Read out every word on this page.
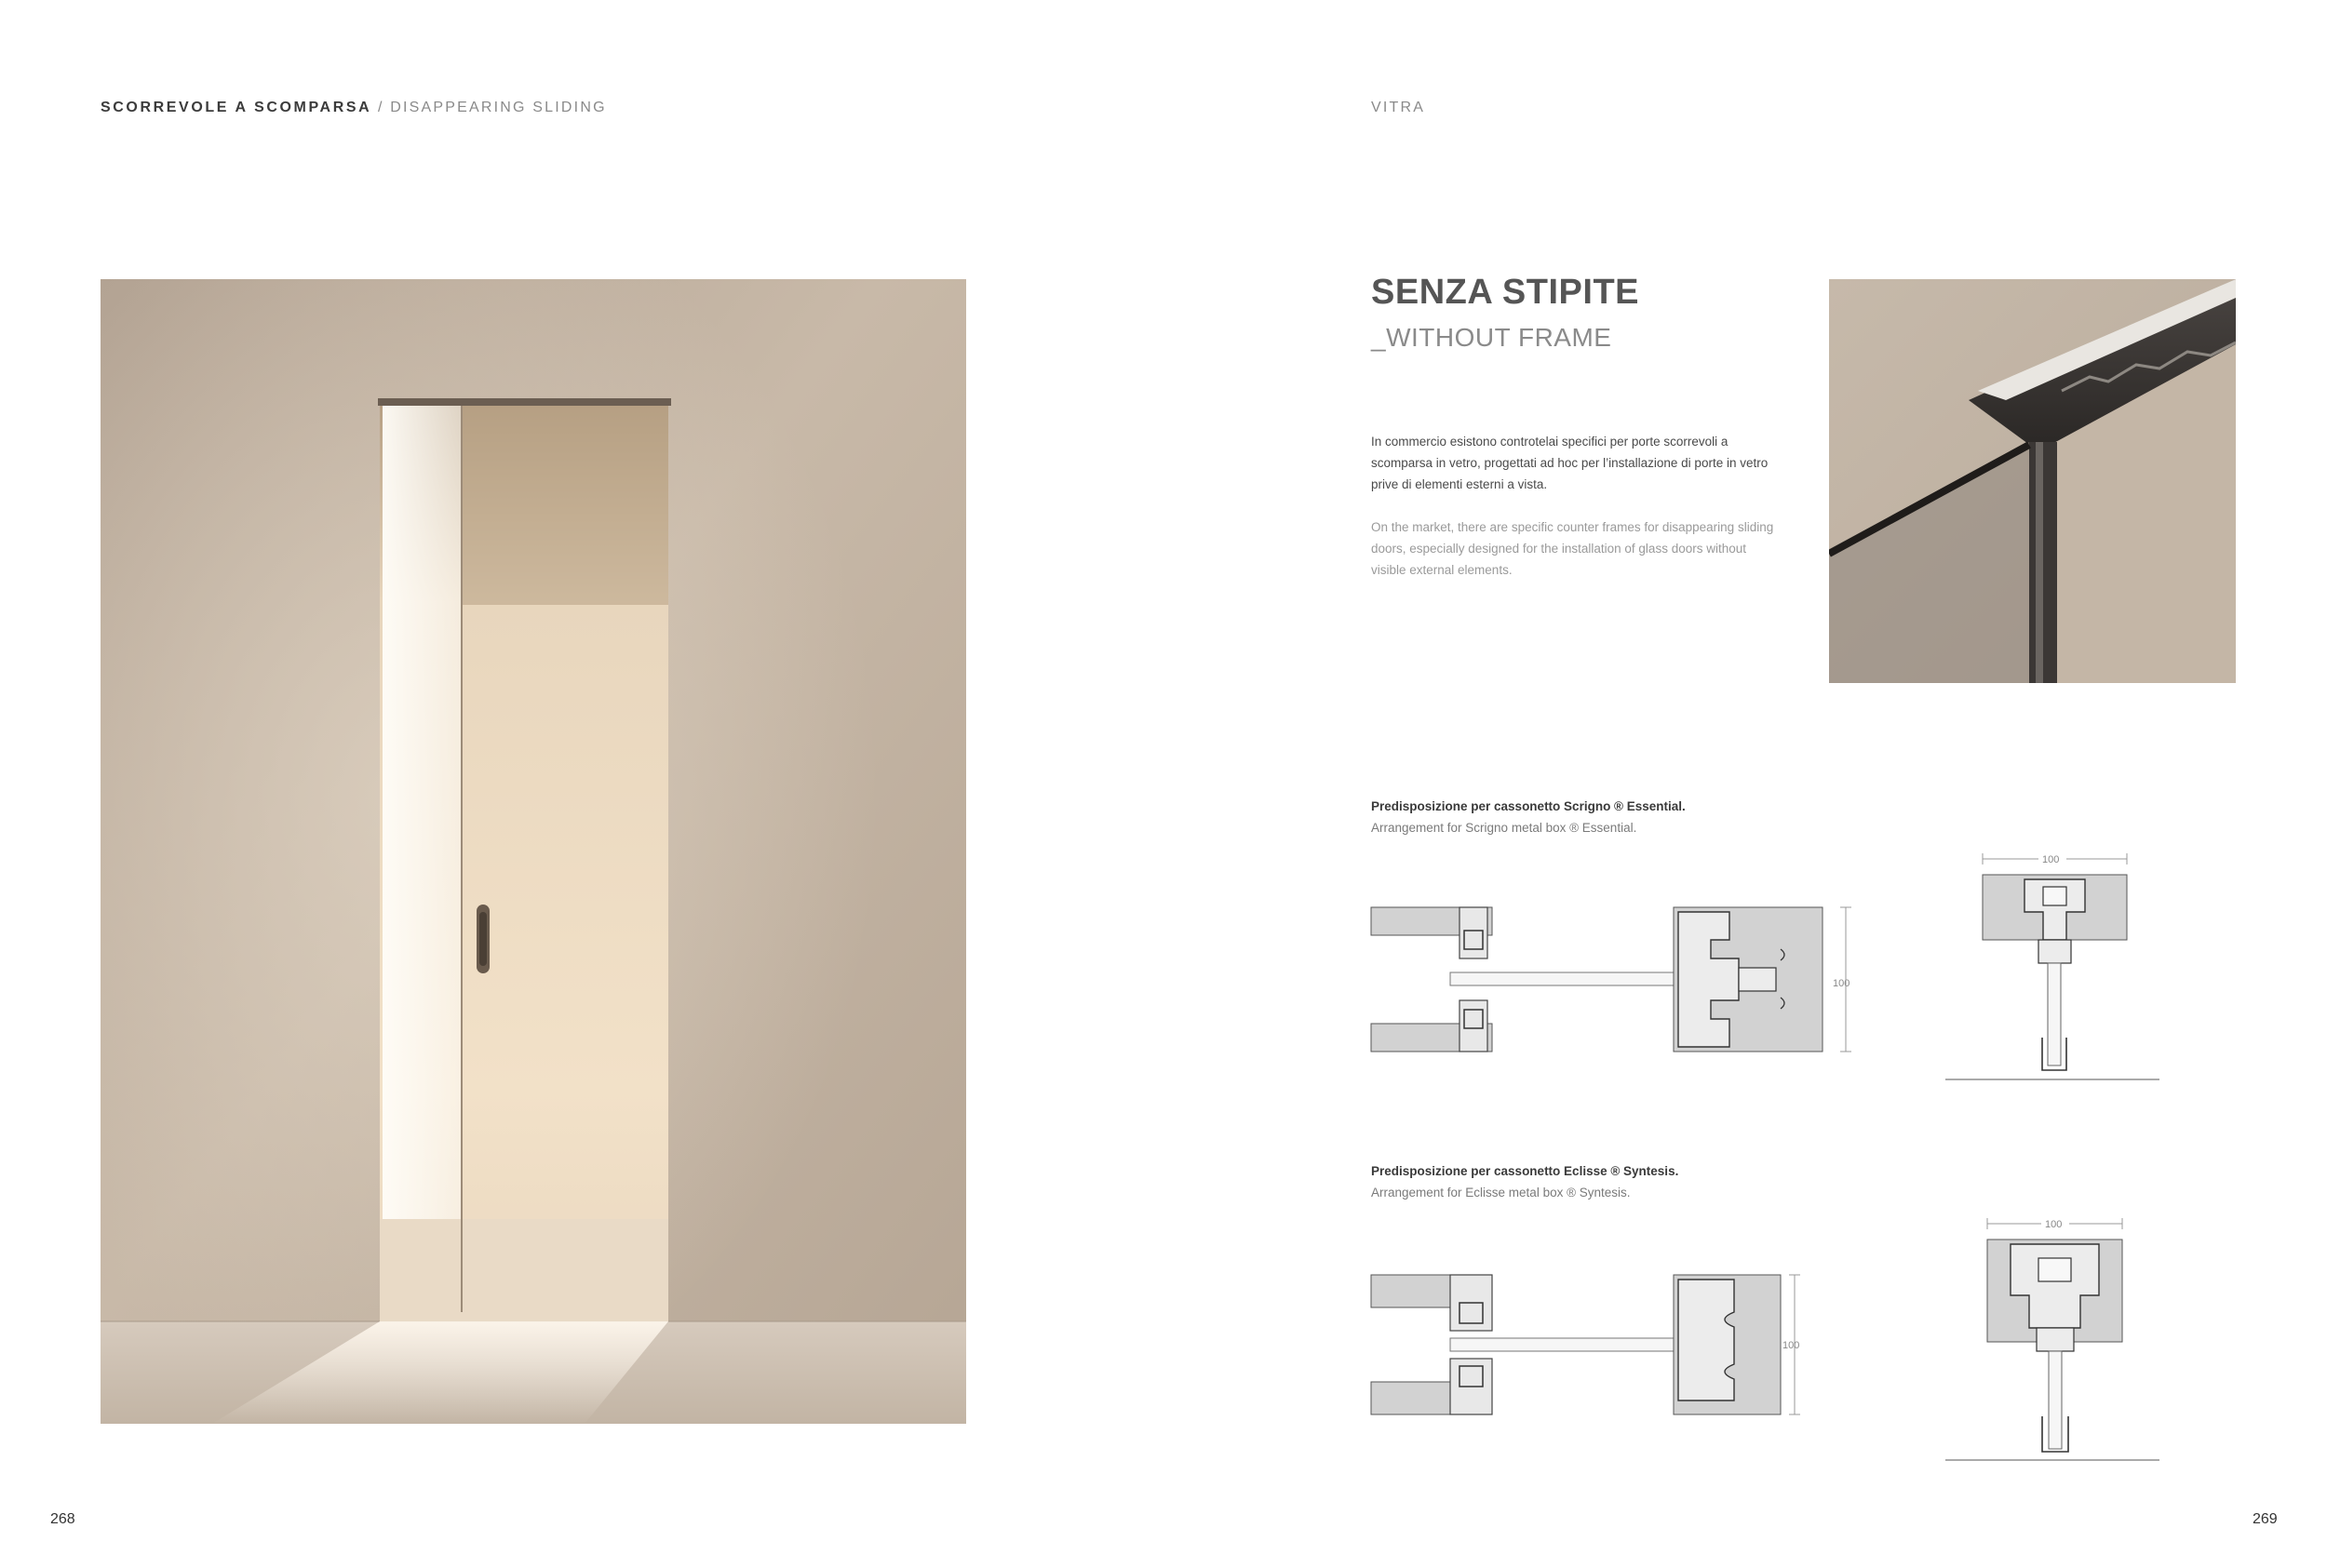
SCORREVOLE A SCOMPARSA / DISAPPEARING SLIDING	VITRA
SENZA STIPITE
_WITHOUT FRAME
In commercio esistono controtelai specifici per porte scorrevoli a scomparsa in vetro, progettati ad hoc per l’installazione di porte in vetro prive di elementi esterni a vista.
On the market, there are specific counter frames for disappearing sliding doors, especially designed for the installation of glass doors without visible external elements.
Predisposizione per cassonetto Scrigno ® Essential.
Arrangement for Scrigno metal box ® Essential.
100
100
Predisposizione per cassonetto Eclisse ® Syntesis.
Arrangement for Eclisse metal box ® Syntesis.
100
100
268	269
